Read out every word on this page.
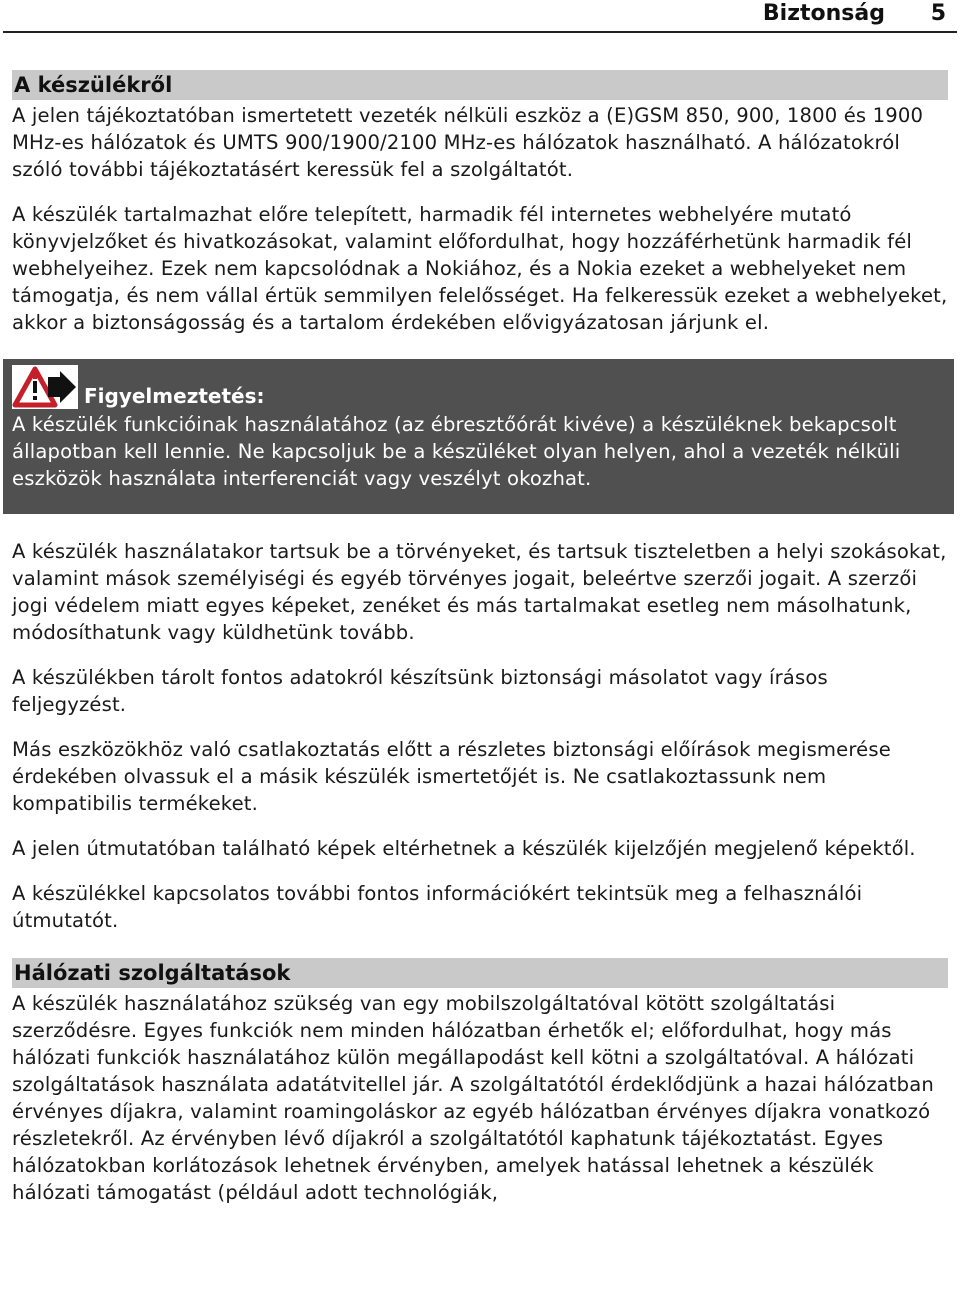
Biztonság 5
A készülékről

A jelen tájékoztatóban ismertetett vezeték nélküli eszköz a (E)GSM 850, 900, 1800 és 1900 MHz-es hálózatok és UMTS 900/1900/2100 MHz-es hálózatok használható. A hálózatokról szóló további tájékoztatásért keressük fel a szolgáltatót.

A készülék tartalmazhat előre telepített, harmadik fél internetes webhelyére mutató könyvjelzőket és hivatkozásokat, valamint előfordulhat, hogy hozzáférhetünk harmadik fél webhelyeihez. Ezek nem kapcsolódnak a Nokiához, és a Nokia ezeket a webhelyeket nem támogatja, és nem vállal értük semmilyen felelősséget. Ha felkeressük ezeket a webhelyeket, akkor a biztonságosság és a tartalom érdekében elővigyázatosan járjunk el.

Figyelmeztetés:

A készülék funkcióinak használatához (az ébresztőórát kivéve) a készüléknek bekapcsolt állapotban kell lennie. Ne kapcsoljuk be a készüléket olyan helyen, ahol a vezeték nélküli eszközök használata interferenciát vagy veszélyt okozhat.

A készülék használatakor tartsuk be a törvényeket, és tartsuk tiszteletben a helyi szokásokat, valamint mások személyiségi és egyéb törvényes jogait, beleértve szerzői jogait. A szerzői jogi védelem miatt egyes képeket, zenéket és más tartalmakat esetleg nem másolhatunk, módosíthatunk vagy küldhetünk tovább.

A készülékben tárolt fontos adatokról készítsünk biztonsági másolatot vagy írásos feljegyzést.

Más eszközökhöz való csatlakoztatás előtt a részletes biztonsági előírások megismerése érdekében olvassuk el a másik készülék ismertetőjét is. Ne csatlakoztassunk nem kompatibilis termékeket.

A jelen útmutatóban található képek eltérhetnek a készülék kijelzőjén megjelenő képektől.

A készülékkel kapcsolatos további fontos információkért tekintsük meg a felhasználói útmutatót.

Hálózati szolgáltatások

A készülék használatához szükség van egy mobilszolgáltatóval kötött szolgáltatási szerződésre. Egyes funkciók nem minden hálózatban érhetők el; előfordulhat, hogy más hálózati funkciók használatához külön megállapodást kell kötni a szolgáltatóval. A hálózati szolgáltatások használata adatátvitellel jár. A szolgáltatótól érdeklődjünk a hazai hálózatban érvényes díjakra, valamint roamingoláskor az egyéb hálózatban érvényes díjakra vonatkozó részletekről. Az érvényben lévő díjakról a szolgáltatótól kaphatunk tájékoztatást. Egyes hálózatokban korlátozások lehetnek érvényben, amelyek hatással lehetnek a készülék hálózati támogatást (például adott technológiák,
